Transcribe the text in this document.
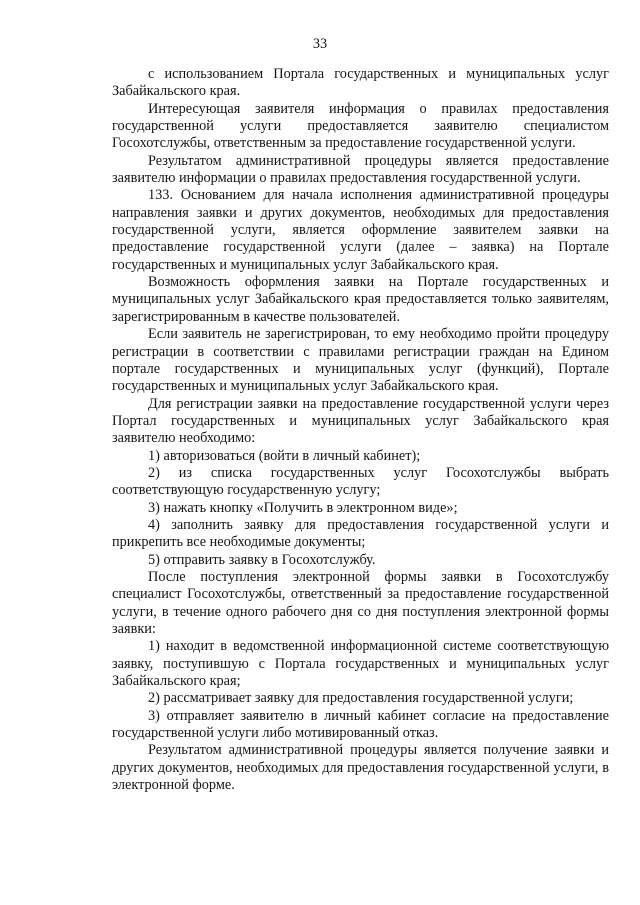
33

с использованием Портала государственных и муниципальных услуг Забайкальского края.

Интересующая заявителя информация о правилах предоставления государственной услуги предоставляется заявителю специалистом Госохотслужбы, ответственным за предоставление государственной услуги.

Результатом административной процедуры является предоставление заявителю информации о правилах предоставления государственной услуги.

133. Основанием для начала исполнения административной процедуры направления заявки и других документов, необходимых для предоставления государственной услуги, является оформление заявителем заявки на предоставление государственной услуги (далее – заявка) на Портале государственных и муниципальных услуг Забайкальского края.

Возможность оформления заявки на Портале государственных и муниципальных услуг Забайкальского края предоставляется только заявителям, зарегистрированным в качестве пользователей.

Если заявитель не зарегистрирован, то ему необходимо пройти процедуру регистрации в соответствии с правилами регистрации граждан на Едином портале государственных и муниципальных услуг (функций), Портале государственных и муниципальных услуг Забайкальского края.

Для регистрации заявки на предоставление государственной услуги через Портал государственных и муниципальных услуг Забайкальского края заявителю необходимо:

1) авторизоваться (войти в личный кабинет);

2) из списка государственных услуг Госохотслужбы выбрать соответствующую государственную услугу;

3) нажать кнопку «Получить в электронном виде»;

4) заполнить заявку для предоставления государственной услуги и прикрепить все необходимые документы;

5) отправить заявку в Госохотслужбу.

После поступления электронной формы заявки в Госохотслужбу специалист Госохотслужбы, ответственный за предоставление государственной услуги, в течение одного рабочего дня со дня поступления электронной формы заявки:

1) находит в ведомственной информационной системе соответствующую заявку, поступившую с Портала государственных и муниципальных услуг Забайкальского края;

2) рассматривает заявку для предоставления государственной услуги;

3) отправляет заявителю в личный кабинет согласие на предоставление государственной услуги либо мотивированный отказ.

Результатом административной процедуры является получение заявки и других документов, необходимых для предоставления государственной услуги, в электронной форме.
